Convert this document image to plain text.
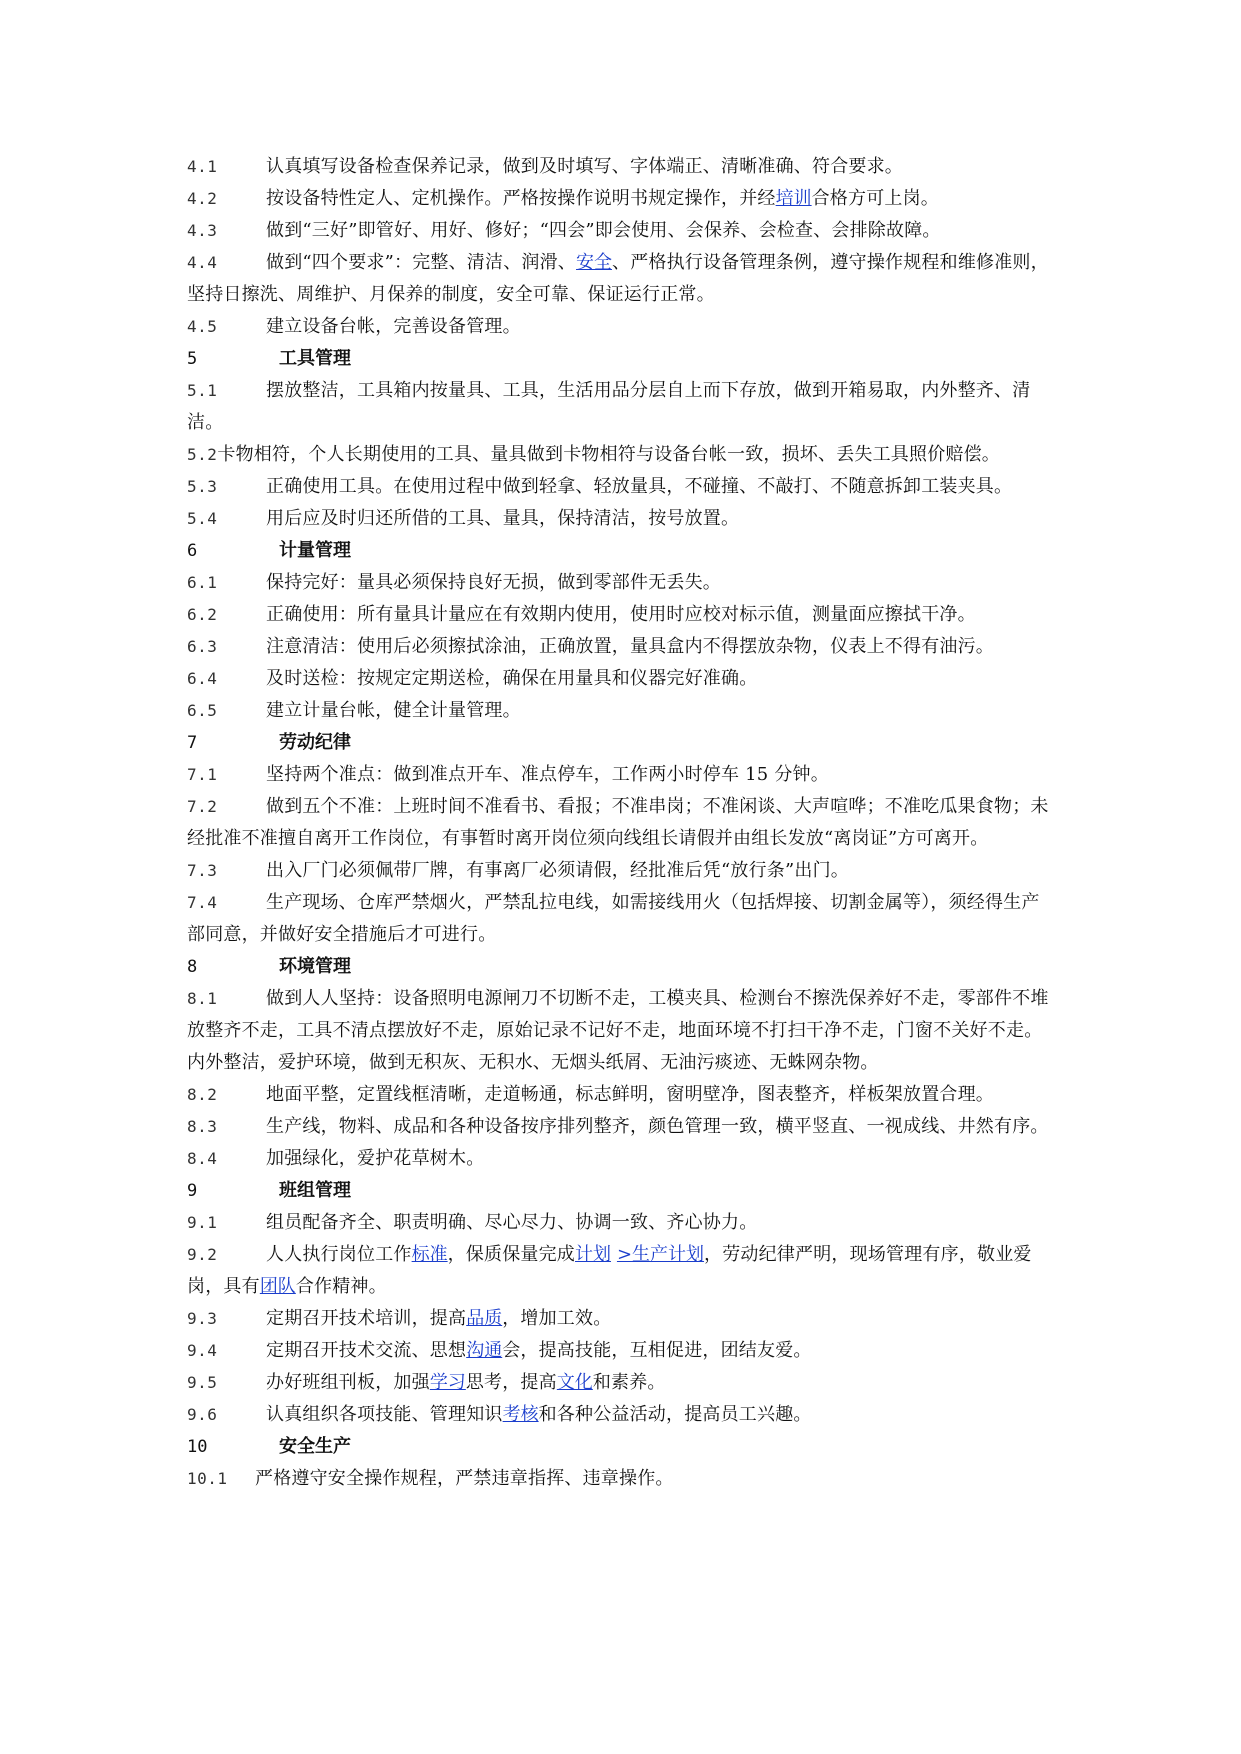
4.1	认真填写设备检查保养记录，做到及时填写、字体端正、清晰准确、符合要求。

4.2	按设备特性定人、定机操作。严格按操作说明书规定操作，并经培训合格方可上岗。

4.3	做到“三好”即管好、用好、修好；“四会”即会使用、会保养、会检查、会排除故障。

4.4	做到“四个要求”：完整、清洁、润滑、安全、严格执行设备管理条例，遵守操作规程和维修准则，坚持日擦洗、周维护、月保养的制度，安全可靠、保证运行正常。

4.5	建立设备台帐，完善设备管理。

5	工具管理

5.1	摆放整洁，工具箱内按量具、工具，生活用品分层自上而下存放，做到开箱易取，内外整齐、清洁。

5.2卡物相符，个人长期使用的工具、量具做到卡物相符与设备台帐一致，损坏、丢失工具照价赔偿。

5.3	正确使用工具。在使用过程中做到轻拿、轻放量具，不碰撞、不敲打、不随意拆卸工装夹具。

5.4	用后应及时归还所借的工具、量具，保持清洁，按号放置。

6	计量管理

6.1	保持完好：量具必须保持良好无损，做到零部件无丢失。

6.2	正确使用：所有量具计量应在有效期内使用，使用时应校对标示值，测量面应擦拭干净。

6.3	注意清洁：使用后必须擦拭涂油，正确放置，量具盒内不得摆放杂物，仪表上不得有油污。

6.4	及时送检：按规定定期送检，确保在用量具和仪器完好准确。

6.5	建立计量台帐，健全计量管理。

7	劳动纪律

7.1	坚持两个准点：做到准点开车、准点停车，工作两小时停车 15 分钟。

7.2	做到五个不准：上班时间不准看书、看报；不准串岗；不准闲谈、大声喧哗；不准吃瓜果食物；未经批准不准擅自离开工作岗位，有事暂时离开岗位须向线组长请假并由组长发放“离岗证”方可离开。

7.3	出入厂门必须佩带厂牌，有事离厂必须请假，经批准后凭“放行条”出门。

7.4	生产现场、仓库严禁烟火，严禁乱拉电线，如需接线用火（包括焊接、切割金属等），须经得生产部同意，并做好安全措施后才可进行。

8	环境管理

8.1	做到人人坚持：设备照明电源闸刀不切断不走，工模夹具、检测台不擦洗保养好不走，零部件不堆放整齐不走，工具不清点摆放好不走，原始记录不记好不走，地面环境不打扫干净不走，门窗不关好不走。内外整洁，爱护环境，做到无积灰、无积水、无烟头纸屑、无油污痰迹、无蛛网杂物。

8.2	地面平整，定置线框清晰，走道畅通，标志鲜明，窗明壁净，图表整齐，样板架放置合理。

8.3	生产线，物料、成品和各种设备按序排列整齐，颜色管理一致，横平竖直、一视成线、井然有序。

8.4	加强绿化，爱护花草树木。

9	班组管理

9.1	组员配备齐全、职责明确、尽心尽力、协调一致、齐心协力。

9.2	人人执行岗位工作标准，保质保量完成计划 >生产计划，劳动纪律严明，现场管理有序，敬业爱岗，具有团队合作精神。

9.3	定期召开技术培训，提高品质，增加工效。

9.4	定期召开技术交流、思想沟通会，提高技能，互相促进，团结友爱。

9.5	办好班组刊板，加强学习思考，提高文化和素养。

9.6	认真组织各项技能、管理知识考核和各种公益活动，提高员工兴趣。

10	安全生产

10.1 严格遵守安全操作规程，严禁违章指挥、违章操作。
